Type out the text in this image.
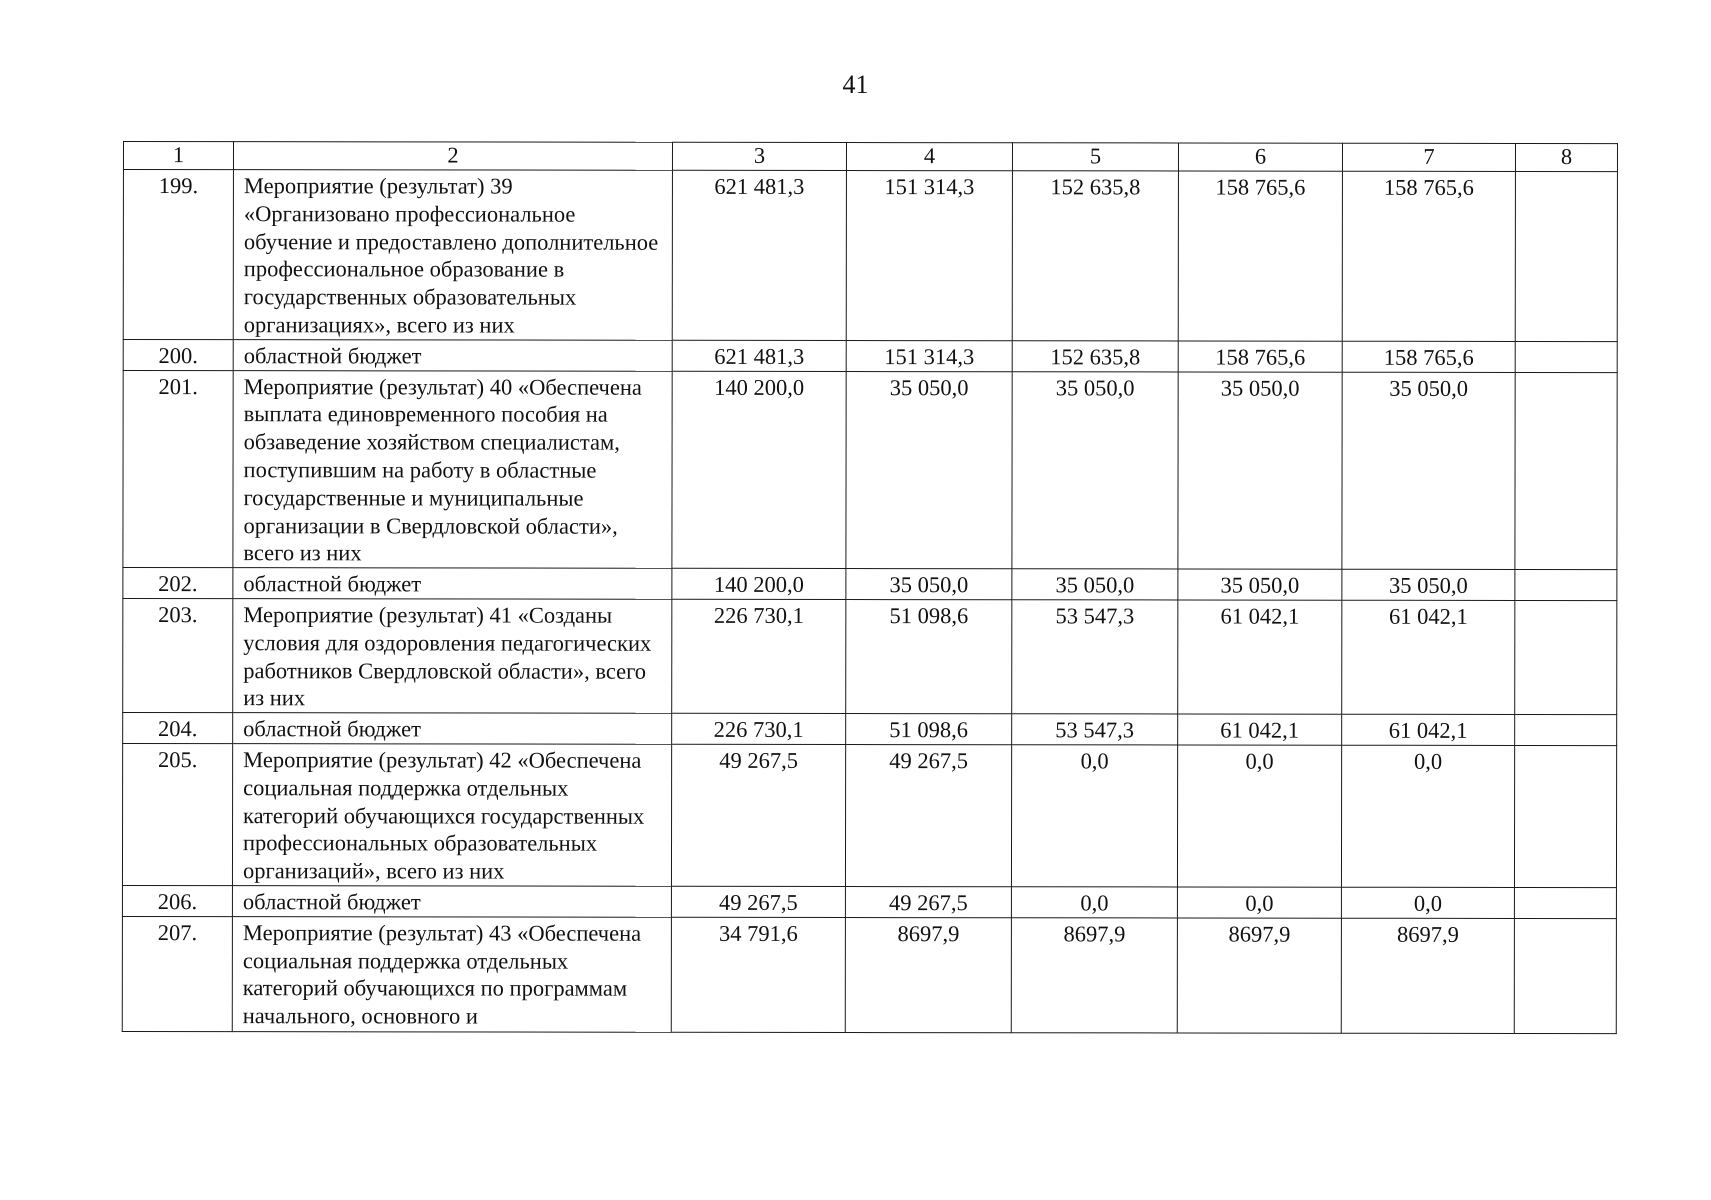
41
1	2	3	4	5	6	7	8
199.	Мероприятие (результат) 39 «Организовано профессиональное обучение и предоставлено дополнительное профессиональное образование в государственных образовательных организациях», всего из них	621 481,3	151 314,3	152 635,8	158 765,6	158 765,6	
200.	областной бюджет	621 481,3	151 314,3	152 635,8	158 765,6	158 765,6	
201.	Мероприятие (результат) 40 «Обеспечена выплата единовременного пособия на обзаведение хозяйством специалистам, поступившим на работу в областные государственные и муниципальные организации в Свердловской области», всего из них	140 200,0	35 050,0	35 050,0	35 050,0	35 050,0	
202.	областной бюджет	140 200,0	35 050,0	35 050,0	35 050,0	35 050,0	
203.	Мероприятие (результат) 41 «Созданы условия для оздоровления педагогических работников Свердловской области», всего из них	226 730,1	51 098,6	53 547,3	61 042,1	61 042,1	
204.	областной бюджет	226 730,1	51 098,6	53 547,3	61 042,1	61 042,1	
205.	Мероприятие (результат) 42 «Обеспечена социальная поддержка отдельных категорий обучающихся государственных профессиональных образовательных организаций», всего из них	49 267,5	49 267,5	0,0	0,0	0,0	
206.	областной бюджет	49 267,5	49 267,5	0,0	0,0	0,0	
207.	Мероприятие (результат) 43 «Обеспечена социальная поддержка отдельных категорий обучающихся по программам начального, основного и	34 791,6	8697,9	8697,9	8697,9	8697,9	
